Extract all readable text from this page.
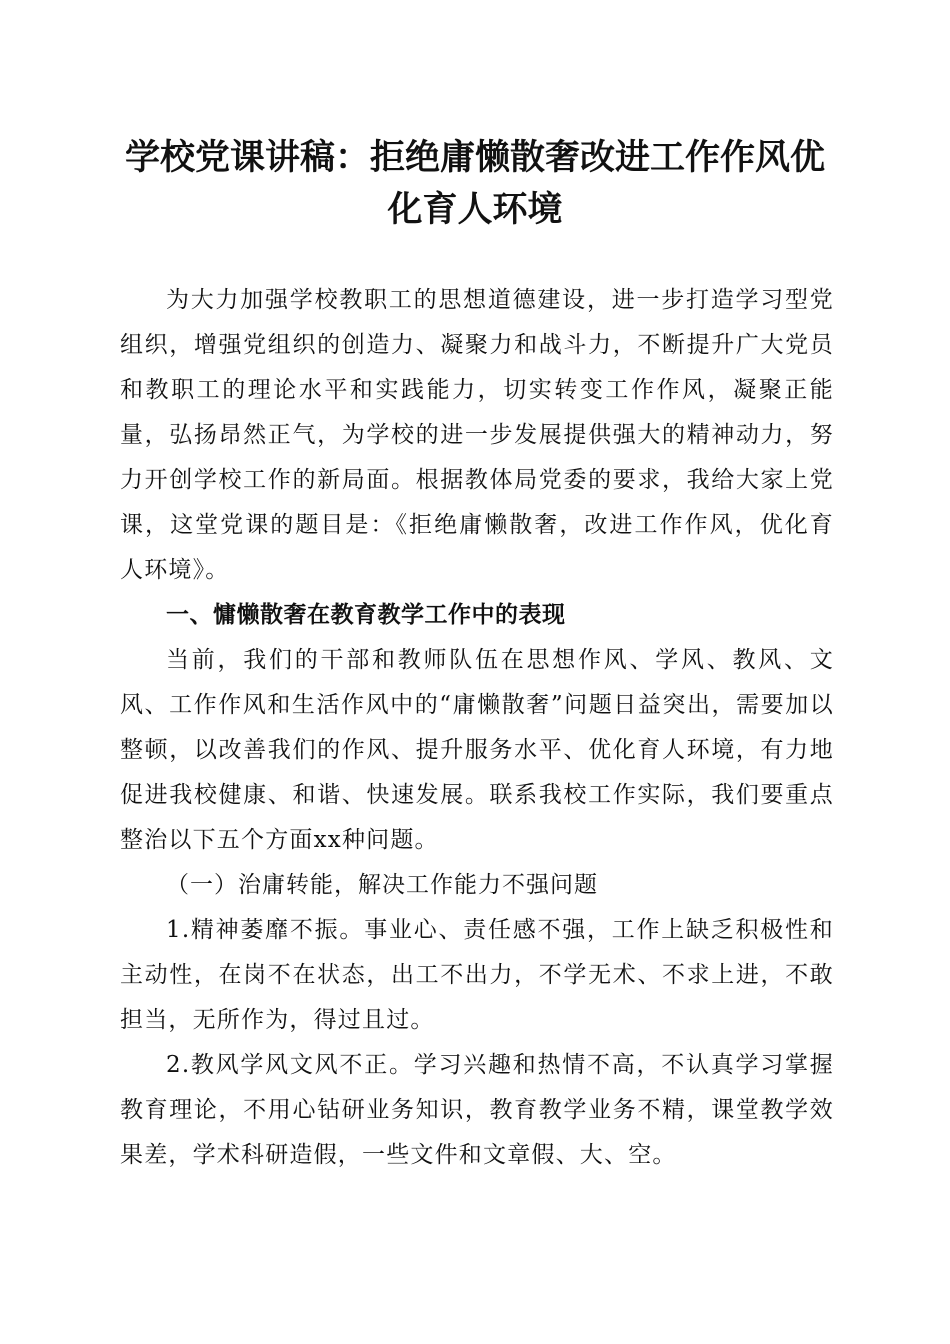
学校党课讲稿：拒绝庸懒散奢改进工作作风优
化育人环境

为大力加强学校教职工的思想道德建设，进一步打造学习型党组织，增强党组织的创造力、凝聚力和战斗力，不断提升广大党员和教职工的理论水平和实践能力，切实转变工作作风，凝聚正能量，弘扬昂然正气，为学校的进一步发展提供强大的精神动力，努力开创学校工作的新局面。根据教体局党委的要求，我给大家上党课，这堂党课的题目是：《拒绝庸懒散奢，改进工作作风，优化育人环境》。

一、慵懒散奢在教育教学工作中的表现

当前，我们的干部和教师队伍在思想作风、学风、教风、文风、工作作风和生活作风中的“庸懒散奢”问题日益突出，需要加以整顿，以改善我们的作风、提升服务水平、优化育人环境，有力地促进我校健康、和谐、快速发展。联系我校工作实际，我们要重点整治以下五个方面xx种问题。

（一）治庸转能，解决工作能力不强问题

1.精神萎靡不振。事业心、责任感不强，工作上缺乏积极性和主动性，在岗不在状态，出工不出力，不学无术、不求上进，不敢担当，无所作为，得过且过。

2.教风学风文风不正。学习兴趣和热情不高，不认真学习掌握教育理论，不用心钻研业务知识，教育教学业务不精，课堂教学效果差，学术科研造假，一些文件和文章假、大、空。
